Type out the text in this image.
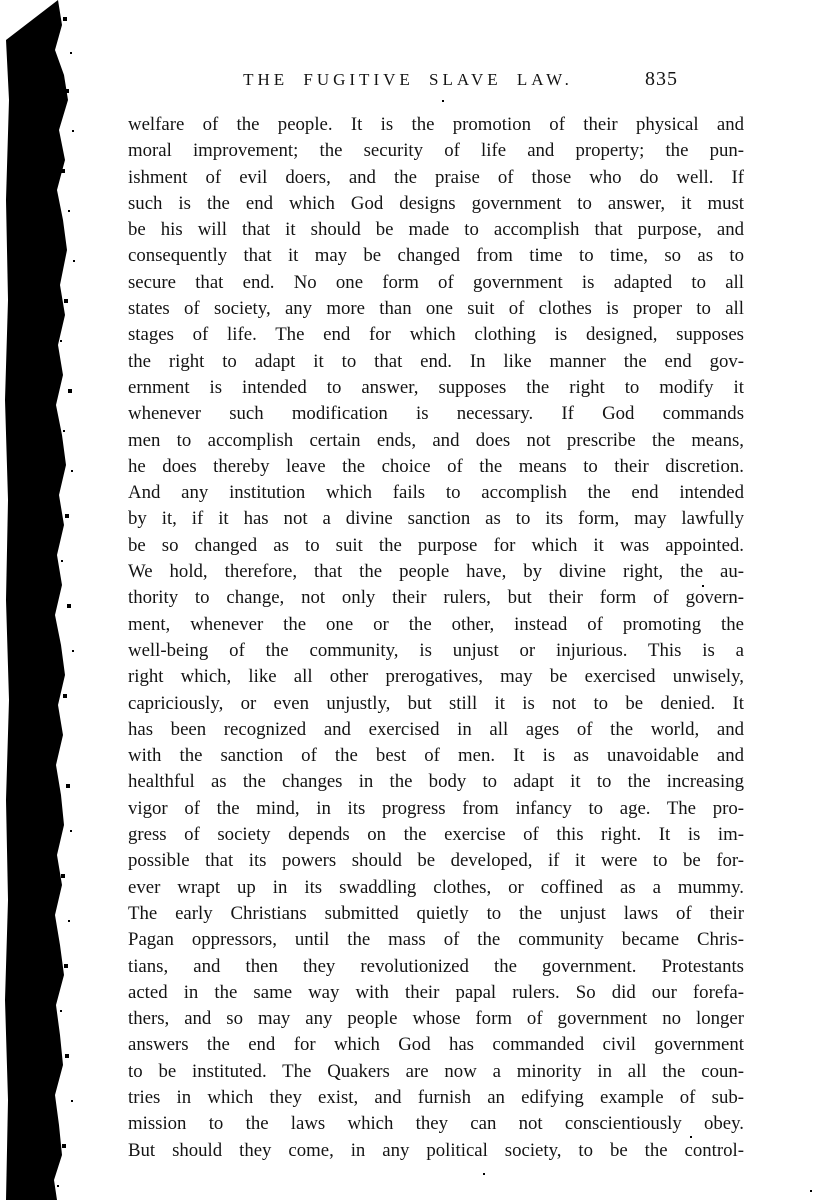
THE FUGITIVE SLAVE LAW.	835
welfare of the people. It is the promotion of their physical and
moral improvement; the security of life and property; the pun-
ishment of evil doers, and the praise of those who do well. If
such is the end which God designs government to answer, it must
be his will that it should be made to accomplish that purpose, and
consequently that it may be changed from time to time, so as to
secure that end. No one form of government is adapted to all
states of society, any more than one suit of clothes is proper to all
stages of life. The end for which clothing is designed, supposes
the right to adapt it to that end. In like manner the end gov-
ernment is intended to answer, supposes the right to modify it
whenever such modification is necessary. If God commands
men to accomplish certain ends, and does not prescribe the means,
he does thereby leave the choice of the means to their discretion.
And any institution which fails to accomplish the end intended
by it, if it has not a divine sanction as to its form, may lawfully
be so changed as to suit the purpose for which it was appointed.
We hold, therefore, that the people have, by divine right, the au-
thority to change, not only their rulers, but their form of govern-
ment, whenever the one or the other, instead of promoting the
well-being of the community, is unjust or injurious. This is a
right which, like all other prerogatives, may be exercised unwisely,
capriciously, or even unjustly, but still it is not to be denied. It
has been recognized and exercised in all ages of the world, and
with the sanction of the best of men. It is as unavoidable and
healthful as the changes in the body to adapt it to the increasing
vigor of the mind, in its progress from infancy to age. The pro-
gress of society depends on the exercise of this right. It is im-
possible that its powers should be developed, if it were to be for-
ever wrapt up in its swaddling clothes, or coffined as a mummy.
The early Christians submitted quietly to the unjust laws of their
Pagan oppressors, until the mass of the community became Chris-
tians, and then they revolutionized the government. Protestants
acted in the same way with their papal rulers. So did our forefa-
thers, and so may any people whose form of government no longer
answers the end for which God has commanded civil government
to be instituted. The Quakers are now a minority in all the coun-
tries in which they exist, and furnish an edifying example of sub-
mission to the laws which they can not conscientiously obey.
But should they come, in any political society, to be the control-
